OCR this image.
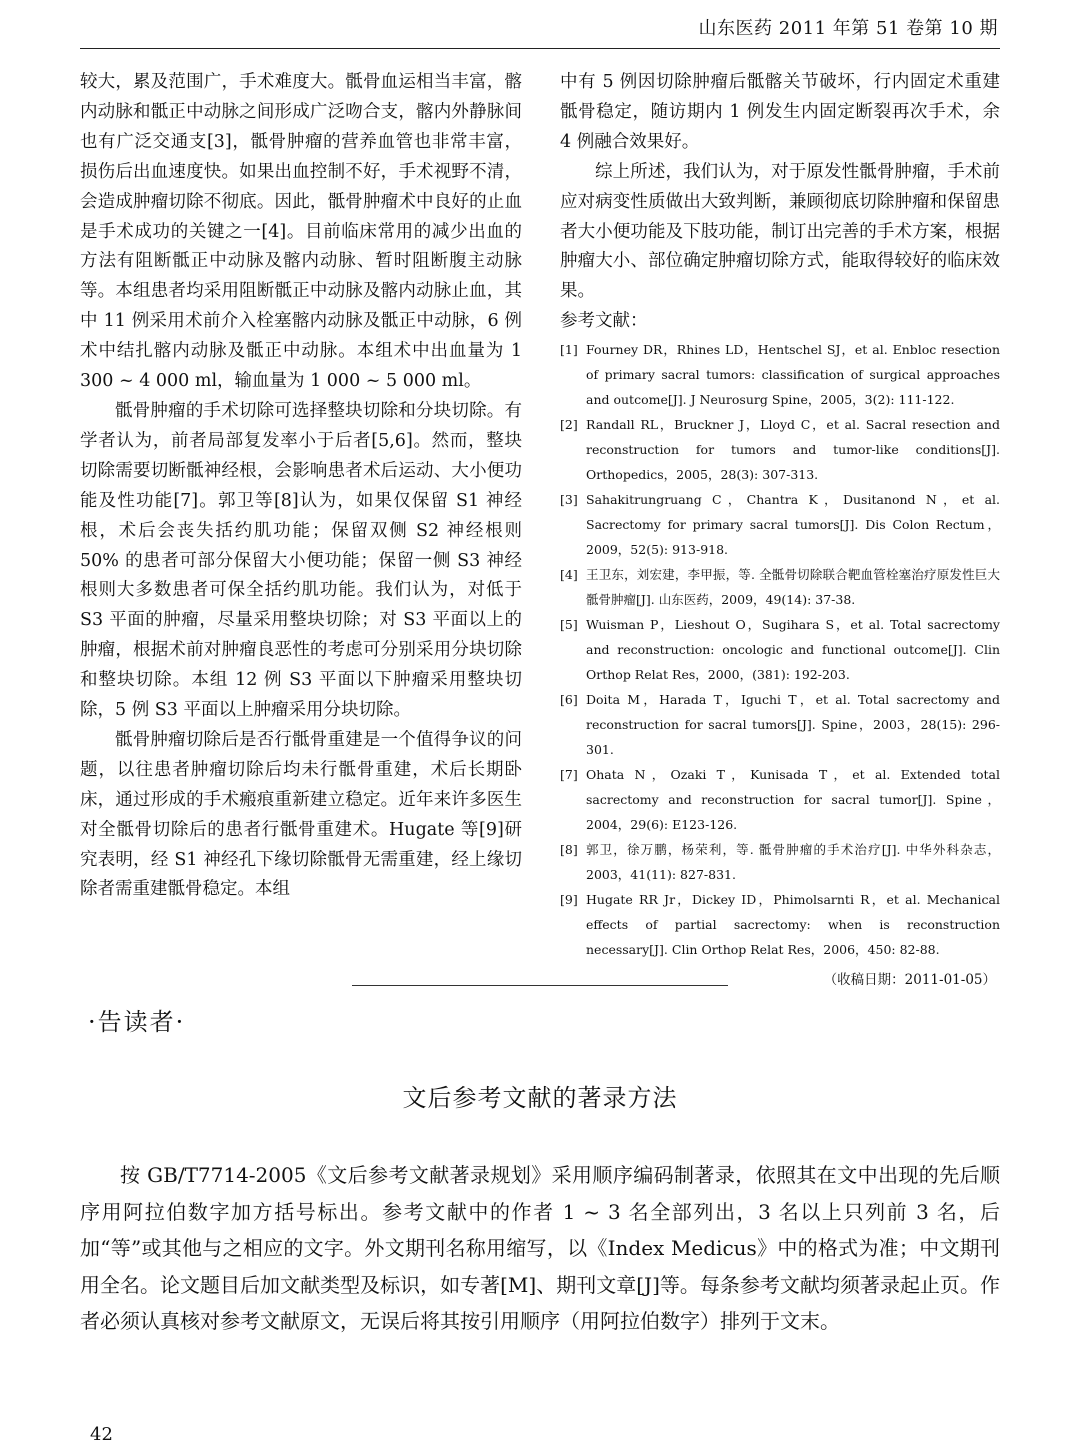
山东医药 2011 年第 51 卷第 10 期

较大，累及范围广，手术难度大。骶骨血运相当丰富，髂内动脉和骶正中动脉之间形成广泛吻合支，髂内外静脉间也有广泛交通支[3]，骶骨肿瘤的营养血管也非常丰富，损伤后出血速度快。如果出血控制不好，手术视野不清，会造成肿瘤切除不彻底。因此，骶骨肿瘤术中良好的止血是手术成功的关键之一[4]。目前临床常用的减少出血的方法有阻断骶正中动脉及髂内动脉、暂时阻断腹主动脉等。本组患者均采用阻断骶正中动脉及髂内动脉止血，其中 11 例采用术前介入栓塞髂内动脉及骶正中动脉，6 例术中结扎髂内动脉及骶正中动脉。本组术中出血量为 1 300 ~ 4 000 ml，输血量为 1 000 ~ 5 000 ml。

骶骨肿瘤的手术切除可选择整块切除和分块切除。有学者认为，前者局部复发率小于后者[5,6]。然而，整块切除需要切断骶神经根，会影响患者术后运动、大小便功能及性功能[7]。郭卫等[8]认为，如果仅保留 S1 神经根，术后会丧失括约肌功能；保留双侧 S2 神经根则 50% 的患者可部分保留大小便功能；保留一侧 S3 神经根则大多数患者可保全括约肌功能。我们认为，对低于 S3 平面的肿瘤，尽量采用整块切除；对 S3 平面以上的肿瘤，根据术前对肿瘤良恶性的考虑可分别采用分块切除和整块切除。本组 12 例 S3 平面以下肿瘤采用整块切除，5 例 S3 平面以上肿瘤采用分块切除。

骶骨肿瘤切除后是否行骶骨重建是一个值得争议的问题，以往患者肿瘤切除后均未行骶骨重建，术后长期卧床，通过形成的手术瘢痕重新建立稳定。近年来许多医生对全骶骨切除后的患者行骶骨重建术。Hugate 等[9]研究表明，经 S1 神经孔下缘切除骶骨无需重建，经上缘切除者需重建骶骨稳定。本组

中有 5 例因切除肿瘤后骶髂关节破坏，行内固定术重建骶骨稳定，随访期内 1 例发生内固定断裂再次手术，余 4 例融合效果好。

综上所述，我们认为，对于原发性骶骨肿瘤，手术前应对病变性质做出大致判断，兼顾彻底切除肿瘤和保留患者大小便功能及下肢功能，制订出完善的手术方案，根据肿瘤大小、部位确定肿瘤切除方式，能取得较好的临床效果。

参考文献：

[1] Fourney DR，Rhines LD，Hentschel SJ，et al. Enbloc resection of primary sacral tumors: classification of surgical approaches and outcome[J]. J Neurosurg Spine，2005，3(2): 111-122.
[2] Randall RL，Bruckner J，Lloyd C，et al. Sacral resection and reconstruction for tumors and tumor-like conditions[J]. Orthopedics，2005，28(3): 307-313.
[3] Sahakitrungruang C，Chantra K，Dusitanond N，et al. Sacrectomy for primary sacral tumors[J]. Dis Colon Rectum，2009，52(5): 913-918.
[4] 王卫东，刘宏建，李甲振，等. 全骶骨切除联合靶血管栓塞治疗原发性巨大骶骨肿瘤[J]. 山东医药，2009，49(14): 37-38.
[5] Wuisman P，Lieshout O，Sugihara S，et al. Total sacrectomy and reconstruction: oncologic and functional outcome[J]. Clin Orthop Relat Res，2000，(381): 192-203.
[6] Doita M，Harada T，Iguchi T，et al. Total sacrectomy and reconstruction for sacral tumors[J]. Spine，2003，28(15): 296-301.
[7] Ohata N，Ozaki T，Kunisada T，et al. Extended total sacrectomy and reconstruction for sacral tumor[J]. Spine，2004，29(6): E123-126.
[8] 郭卫，徐万鹏，杨荣利，等. 骶骨肿瘤的手术治疗[J]. 中华外科杂志，2003，41(11): 827-831.
[9] Hugate RR Jr，Dickey ID，Phimolsarnti R，et al. Mechanical effects of partial sacrectomy: when is reconstruction necessary[J]. Clin Orthop Relat Res，2006，450: 82-88.
（收稿日期：2011-01-05）
·告读者·
文后参考文献的著录方法

按 GB/T7714-2005《文后参考文献著录规划》采用顺序编码制著录，依照其在文中出现的先后顺序用阿拉伯数字加方括号标出。参考文献中的作者 1 ~ 3 名全部列出，3 名以上只列前 3 名，后加“等”或其他与之相应的文字。外文期刊名称用缩写，以《Index Medicus》中的格式为准；中文期刊用全名。论文题目后加文献类型及标识，如专著[M]、期刊文章[J]等。每条参考文献均须著录起止页。作者必须认真核对参考文献原文，无误后将其按引用顺序（用阿拉伯数字）排列于文末。

42
